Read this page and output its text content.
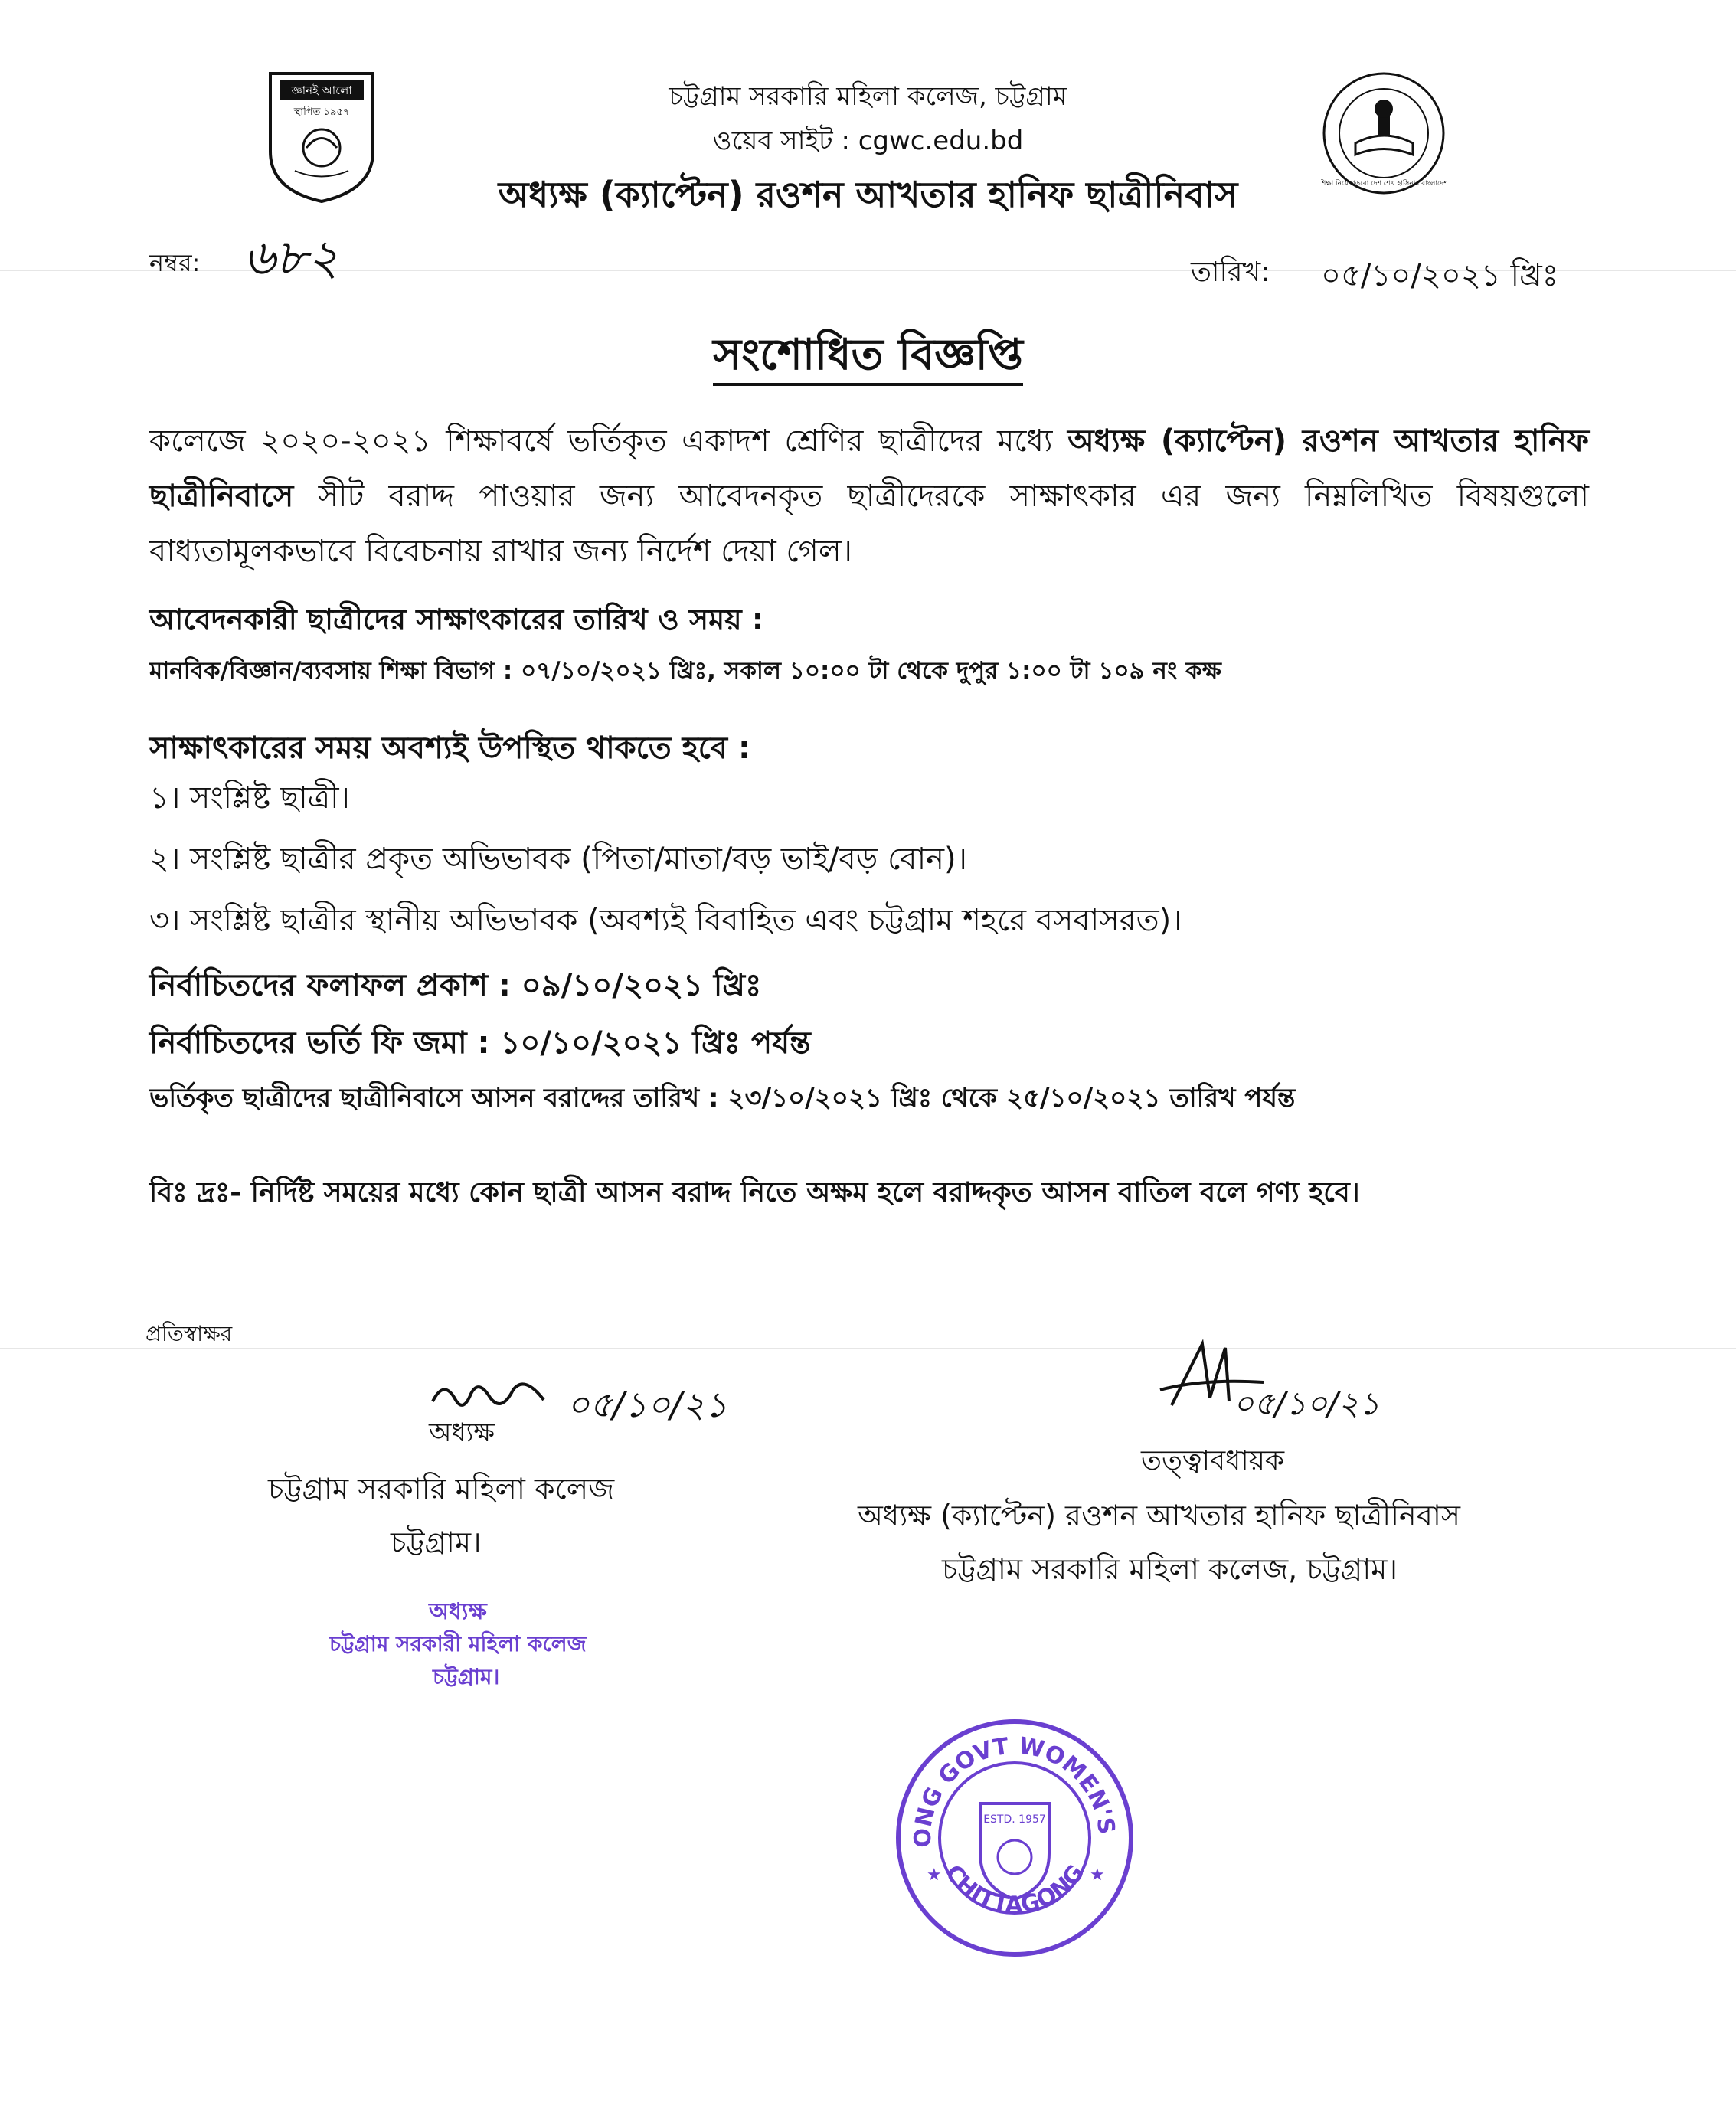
জ্ঞানই আলো
স্থাপিত ১৯৫৭
শিক্ষা নিয়ে গড়বো দেশ শেখ হাসিনার বাংলাদেশ
চট্টগ্রাম সরকারি মহিলা কলেজ, চট্টগ্রাম
ওয়েব সাইট : cgwc.edu.bd
অধ্যক্ষ (ক্যাপ্টেন) রওশন আখতার হানিফ ছাত্রীনিবাস
নম্বর: ৬৮২	তারিখ: ০৫/১০/২০২১ খ্রিঃ
সংশোধিত বিজ্ঞপ্তি
কলেজে ২০২০-২০২১ শিক্ষাবর্ষে ভর্তিকৃত একাদশ শ্রেণির ছাত্রীদের মধ্যে অধ্যক্ষ (ক্যাপ্টেন) রওশন আখতার হানিফ ছাত্রীনিবাসে সীট বরাদ্দ পাওয়ার জন্য আবেদনকৃত ছাত্রীদেরকে সাক্ষাৎকার এর জন্য নিম্নলিখিত বিষয়গুলো বাধ্যতামূলকভাবে বিবেচনায় রাখার জন্য নির্দেশ দেয়া গেল।
আবেদনকারী ছাত্রীদের সাক্ষাৎকারের তারিখ ও সময় :
মানবিক/বিজ্ঞান/ব্যবসায় শিক্ষা বিভাগ : ০৭/১০/২০২১ খ্রিঃ, সকাল ১০:০০ টা থেকে দুপুর ১:০০ টা ১০৯ নং কক্ষ
সাক্ষাৎকারের সময় অবশ্যই উপস্থিত থাকতে হবে :
১। সংশ্লিষ্ট ছাত্রী।
২। সংশ্লিষ্ট ছাত্রীর প্রকৃত অভিভাবক (পিতা/মাতা/বড় ভাই/বড় বোন)।
৩। সংশ্লিষ্ট ছাত্রীর স্থানীয় অভিভাবক (অবশ্যই বিবাহিত এবং চট্টগ্রাম শহরে বসবাসরত)।
নির্বাচিতদের ফলাফল প্রকাশ : ০৯/১০/২০২১ খ্রিঃ
নির্বাচিতদের ভর্তি ফি জমা : ১০/১০/২০২১ খ্রিঃ পর্যন্ত
ভর্তিকৃত ছাত্রীদের ছাত্রীনিবাসে আসন বরাদ্দের তারিখ : ২৩/১০/২০২১ খ্রিঃ থেকে ২৫/১০/২০২১ তারিখ পর্যন্ত
বিঃ দ্রঃ- নির্দিষ্ট সময়ের মধ্যে কোন ছাত্রী আসন বরাদ্দ নিতে অক্ষম হলে বরাদ্দকৃত আসন বাতিল বলে গণ্য হবে।
প্রতিস্বাক্ষর
০৫/১০/২১
অধ্যক্ষ
চট্টগ্রাম সরকারি মহিলা কলেজ
চট্টগ্রাম।
অধ্যক্ষ
চট্টগ্রাম সরকারী মহিলা কলেজ
চট্টগ্রাম।
০৫/১০/২১
তত্ত্বাবধায়ক
অধ্যক্ষ (ক্যাপ্টেন) রওশন আখতার হানিফ ছাত্রীনিবাস
চট্টগ্রাম সরকারি মহিলা কলেজ, চট্টগ্রাম।
ONG GOVT WOMEN'S
CHITTAGONG
★	★
ESTD. 1957
